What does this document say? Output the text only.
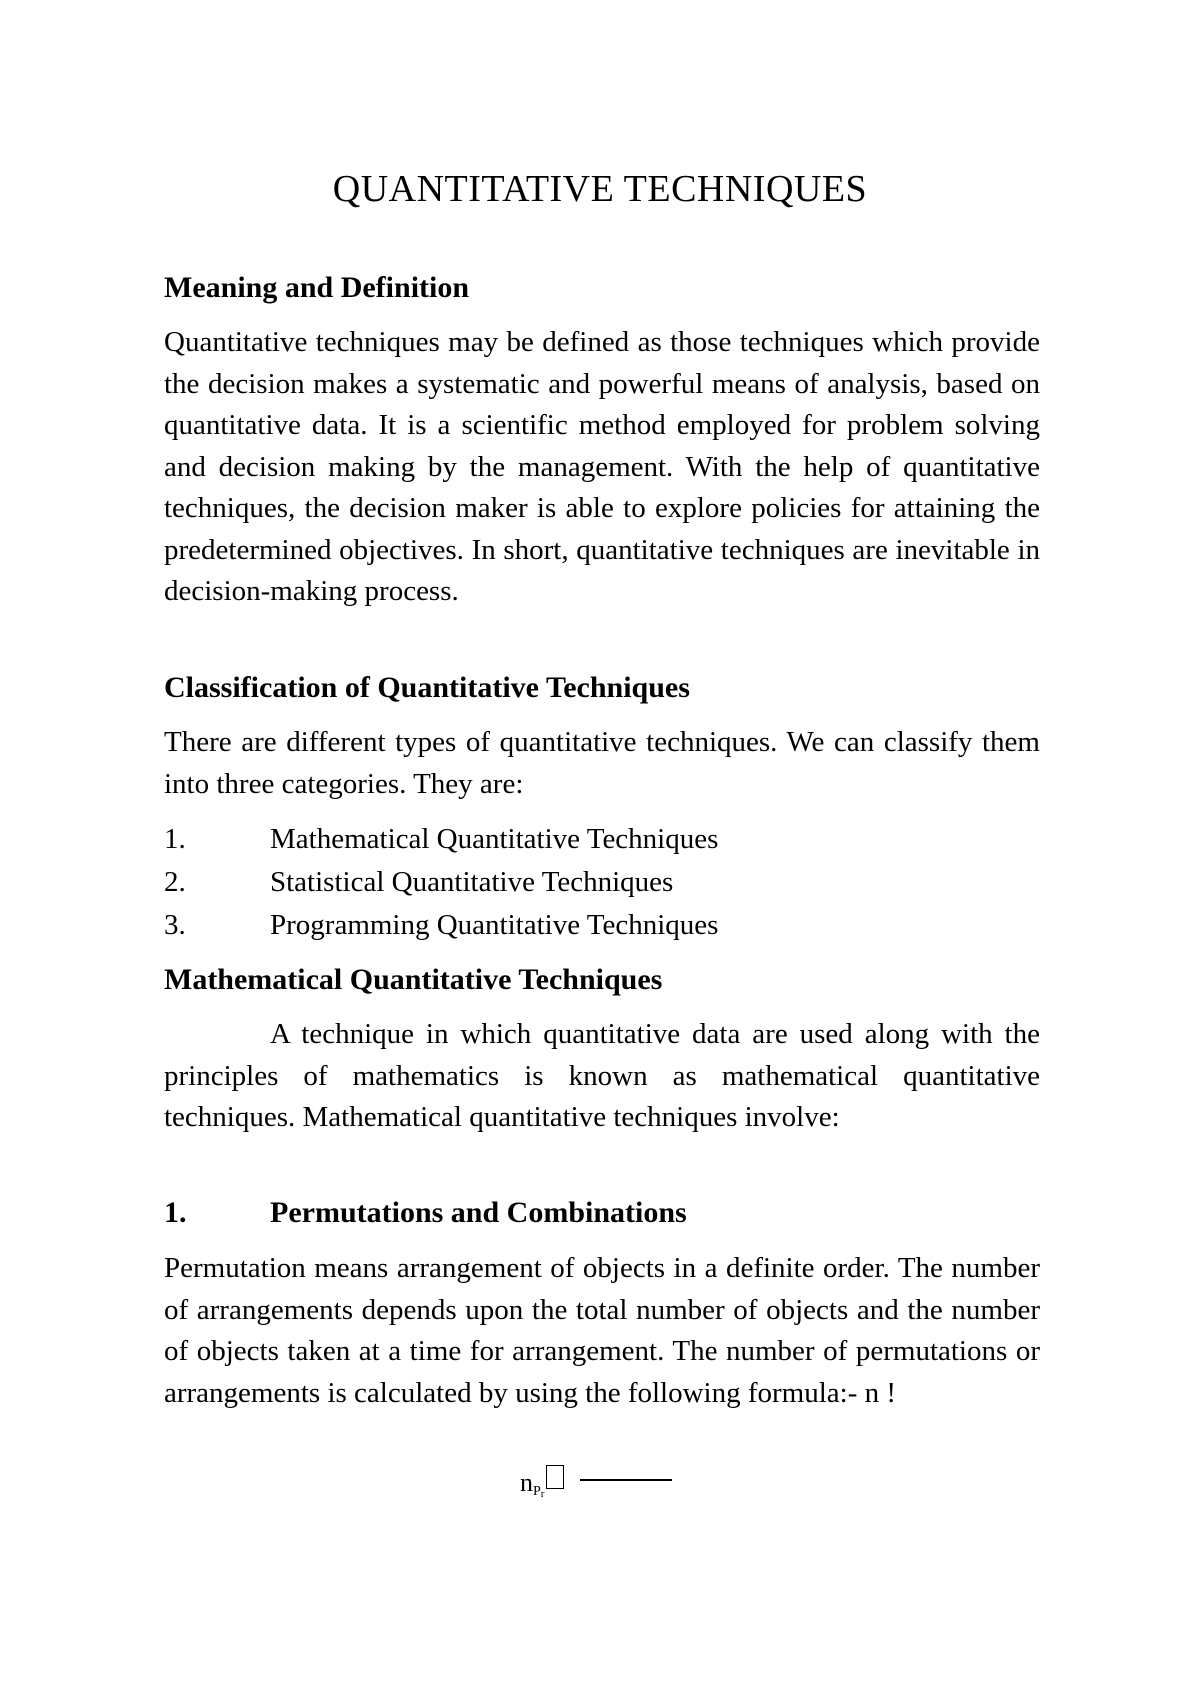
QUANTITATIVE TECHNIQUES
Meaning and Definition

Quantitative techniques may be defined as those techniques which provide the decision makes a systematic and powerful means of analysis, based on quantitative data. It is a scientific method employed for problem solving and decision making by the management. With the help of quantitative techniques, the decision maker is able to explore policies for attaining the predetermined objectives. In short, quantitative techniques are inevitable in decision-making process.

Classification of Quantitative Techniques

There are different types of quantitative techniques. We can classify them into three categories. They are:

1.	Mathematical Quantitative Techniques
2.	Statistical Quantitative Techniques
3.	Programming Quantitative Techniques
Mathematical Quantitative Techniques

A technique in which quantitative data are used along with the principles of mathematics is known as mathematical quantitative techniques. Mathematical quantitative techniques involve:

1.	Permutations and Combinations

Permutation means arrangement of objects in a definite order. The number of arrangements depends upon the total number of objects and the number of objects taken at a time for arrangement. The number of permutations or arrangements is calculated by using the following formula:- n !

$n_{Pr}$
